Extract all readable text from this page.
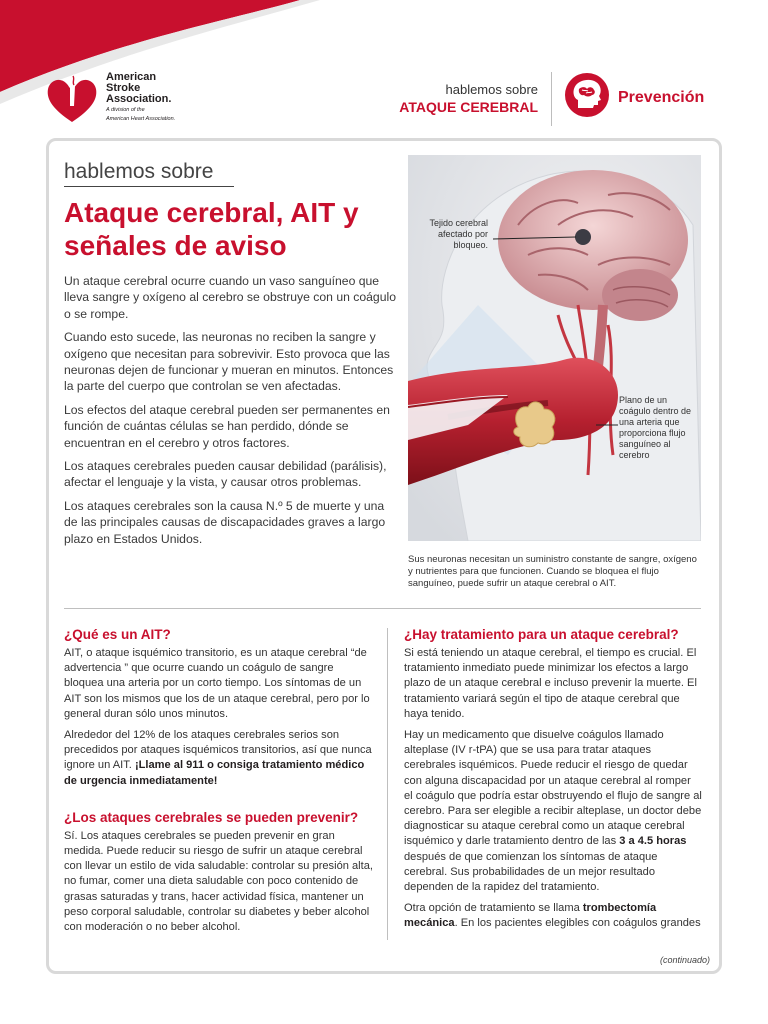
American
Stroke
Association.
A division of the
American Heart Association.
hablemos sobre
ATAQUE CEREBRAL
Prevención
hablemos sobre
Ataque cerebral, AIT y señales de aviso

Un ataque cerebral ocurre cuando un vaso sanguíneo que lleva sangre y oxígeno al cerebro se obstruye con un coágulo o se rompe.

Cuando esto sucede, las neuronas no reciben la sangre y oxígeno que necesitan para sobrevivir. Esto provoca que las neuronas dejen de funcionar y mueran en minutos. Entonces la parte del cuerpo que controlan se ven afectadas.

Los efectos del ataque cerebral pueden ser permanentes en función de cuántas células se han perdido, dónde se encuentran en el cerebro y otros factores.

Los ataques cerebrales pueden causar debilidad (parálisis), afectar el lenguaje y la vista, y causar otros problemas.

Los ataques cerebrales son la causa N.º 5 de muerte y una de las principales causas de discapacidades graves a largo plazo en Estados Unidos.

Tejido cerebral afectado por bloqueo.
Plano de un coágulo dentro de una arteria que proporciona flujo sanguíneo al cerebro
Sus neuronas necesitan un suministro constante de sangre, oxígeno y nutrientes para que funcionen. Cuando se bloquea el flujo sanguíneo, puede sufrir un ataque cerebral o AIT.
¿Qué es un AIT?

AIT, o ataque isquémico transitorio, es un ataque cerebral “de advertencia ” que ocurre cuando un coágulo de sangre bloquea una arteria por un corto tiempo. Los síntomas de un AIT son los mismos que los de un ataque cerebral, pero por lo general duran sólo unos minutos.

Alrededor del 12% de los ataques cerebrales serios son precedidos por ataques isquémicos transitorios, así que nunca ignore un AIT. ¡Llame al 911 o consiga tratamiento médico de urgencia inmediatamente!

¿Los ataques cerebrales se pueden prevenir?

Sí. Los ataques cerebrales se pueden prevenir en gran medida. Puede reducir su riesgo de sufrir un ataque cerebral con llevar un estilo de vida saludable: controlar su presión alta, no fumar, comer una dieta saludable con poco contenido de grasas saturadas y trans, hacer actividad física, mantener un peso corporal saludable, controlar su diabetes y beber alcohol con moderación o no beber alcohol.

¿Hay tratamiento para un ataque cerebral?

Si está teniendo un ataque cerebral, el tiempo es crucial. El tratamiento inmediato puede minimizar los efectos a largo plazo de un ataque cerebral e incluso prevenir la muerte. El tratamiento variará según el tipo de ataque cerebral que haya tenido.

Hay un medicamento que disuelve coágulos llamado alteplase (IV r-tPA) que se usa para tratar ataques cerebrales isquémicos. Puede reducir el riesgo de quedar con alguna discapacidad por un ataque cerebral al romper el coágulo que podría estar obstruyendo el flujo de sangre al cerebro. Para ser elegible a recibir alteplase, un doctor debe diagnosticar su ataque cerebral como un ataque cerebral isquémico y darle tratamiento dentro de las 3 a 4.5 horas después de que comienzan los síntomas de ataque cerebral. Sus probabilidades de un mejor resultado dependen de la rapidez del tratamiento.

Otra opción de tratamiento se llama trombectomía mecánica. En los pacientes elegibles con coágulos grandes

(continuado)
